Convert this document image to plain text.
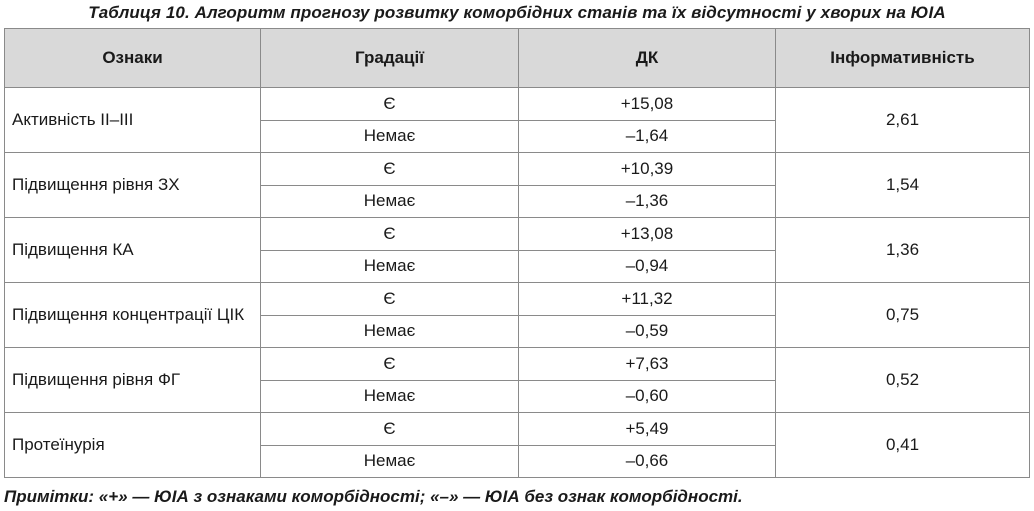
Таблиця 10. Алгоритм прогнозу розвитку коморбідних станів та їх відсутності у хворих на ЮІА
Ознаки	Градації	ДК	Інформативність
Активність ІІ–ІІІ	Є	+15,08	2,61
	Немає	–1,64	
Підвищення рівня ЗХ	Є	+10,39	1,54
	Немає	–1,36	
Підвищення КА	Є	+13,08	1,36
	Немає	–0,94	
Підвищення концентрації ЦІК	Є	+11,32	0,75
	Немає	–0,59	
Підвищення рівня ФГ	Є	+7,63	0,52
	Немає	–0,60	
Протеїнурія	Є	+5,49	0,41
	Немає	–0,66	
Примітки: «+» — ЮІА з ознаками коморбідності; «–» — ЮІА без ознак коморбідності.
